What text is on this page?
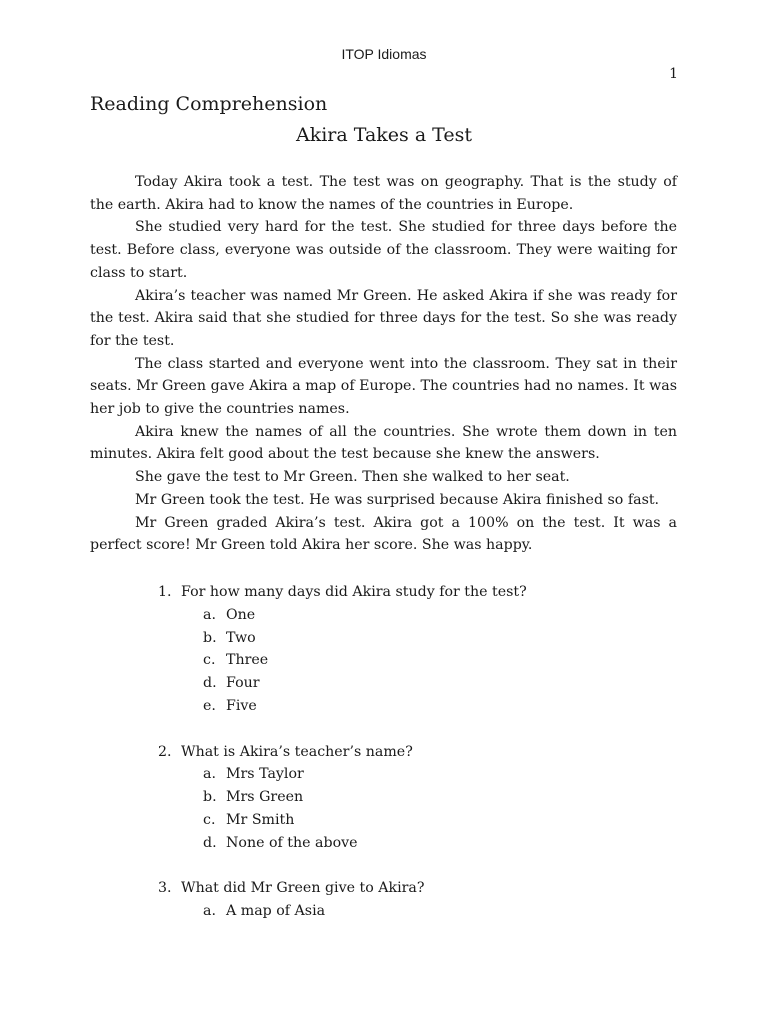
ITOP Idiomas
1
Reading Comprehension
Akira Takes a Test

Today Akira took a test. The test was on geography. That is the study of the earth. Akira had to know the names of the countries in Europe.

She studied very hard for the test. She studied for three days before the test. Before class, everyone was outside of the classroom. They were waiting for class to start.

Akira’s teacher was named Mr Green. He asked Akira if she was ready for the test. Akira said that she studied for three days for the test. So she was ready for the test.

The class started and everyone went into the classroom. They sat in their seats. Mr Green gave Akira a map of Europe. The countries had no names. It was her job to give the countries names.

Akira knew the names of all the countries. She wrote them down in ten minutes. Akira felt good about the test because she knew the answers.

She gave the test to Mr Green. Then she walked to her seat.

Mr Green took the test. He was surprised because Akira finished so fast.

Mr Green graded Akira’s test. Akira got a 100% on the test. It was a perfect score! Mr Green told Akira her score. She was happy.

1. For how many days did Akira study for the test?
a. One
b. Two
c. Three
d. Four
e. Five
2. What is Akira’s teacher’s name?
a. Mrs Taylor
b. Mrs Green
c. Mr Smith
d. None of the above
3. What did Mr Green give to Akira?
a. A map of Asia
